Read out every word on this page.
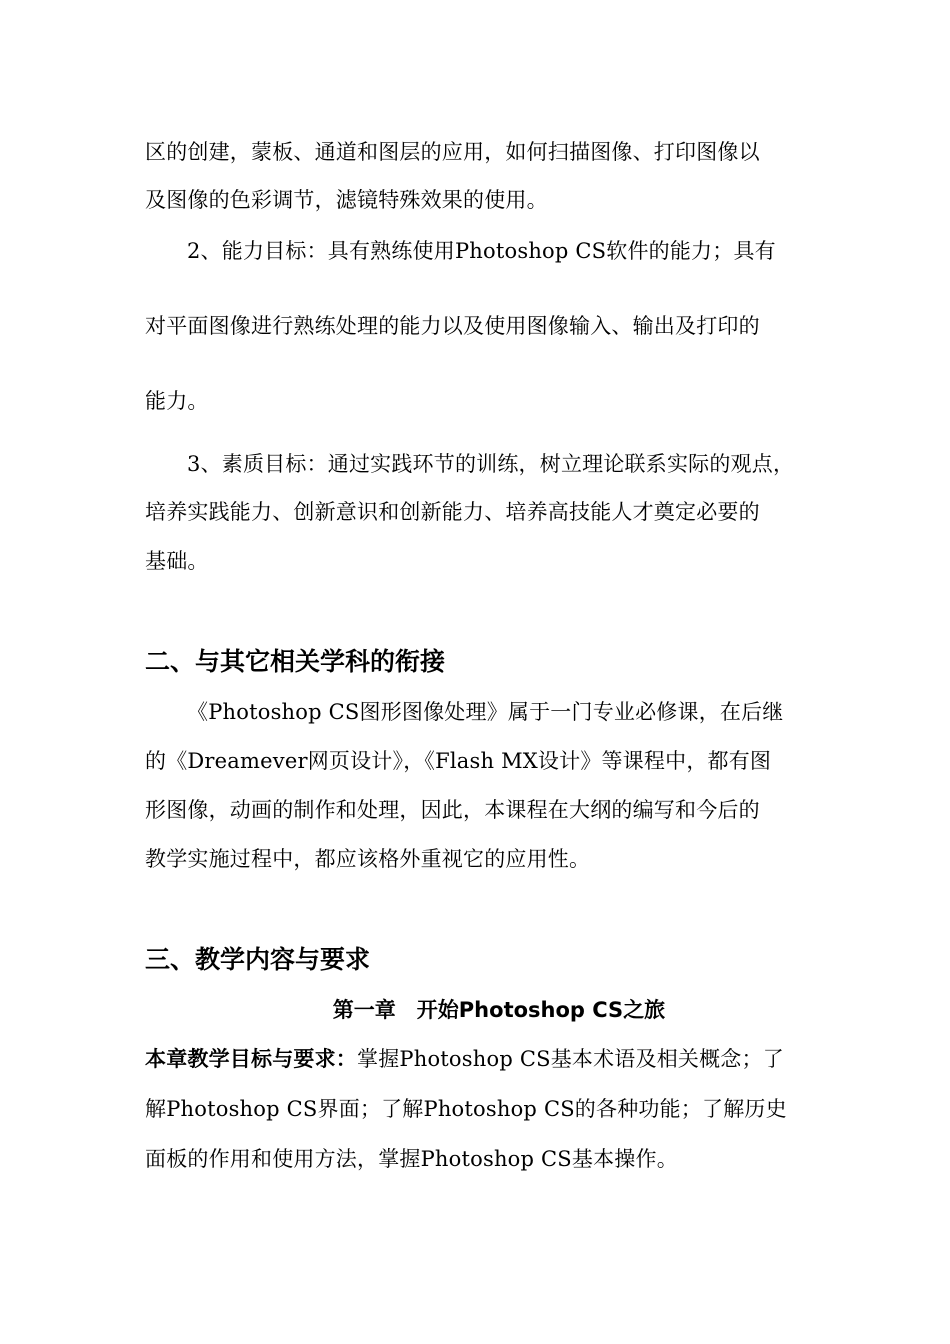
区的创建，蒙板、通道和图层的应用，如何扫描图像、打印图像以
及图像的色彩调节，滤镜特殊效果的使用。
2、能力目标：具有熟练使用Photoshop CS软件的能力；具有
对平面图像进行熟练处理的能力以及使用图像输入、输出及打印的
能力。
3、素质目标：通过实践环节的训练，树立理论联系实际的观点，
培养实践能力、创新意识和创新能力、培养高技能人才奠定必要的
基础。
二、与其它相关学科的衔接
《Photoshop CS图形图像处理》属于一门专业必修课，在后继
的《Dreamever网页设计》，《Flash MX设计》等课程中，都有图
形图像，动画的制作和处理，因此，本课程在大纲的编写和今后的
教学实施过程中，都应该格外重视它的应用性。
三、教学内容与要求
第一章　开始Photoshop CS之旅
本章教学目标与要求：掌握Photoshop CS基本术语及相关概念；了
解Photoshop CS界面；了解Photoshop CS的各种功能；了解历史
面板的作用和使用方法，掌握Photoshop CS基本操作。
